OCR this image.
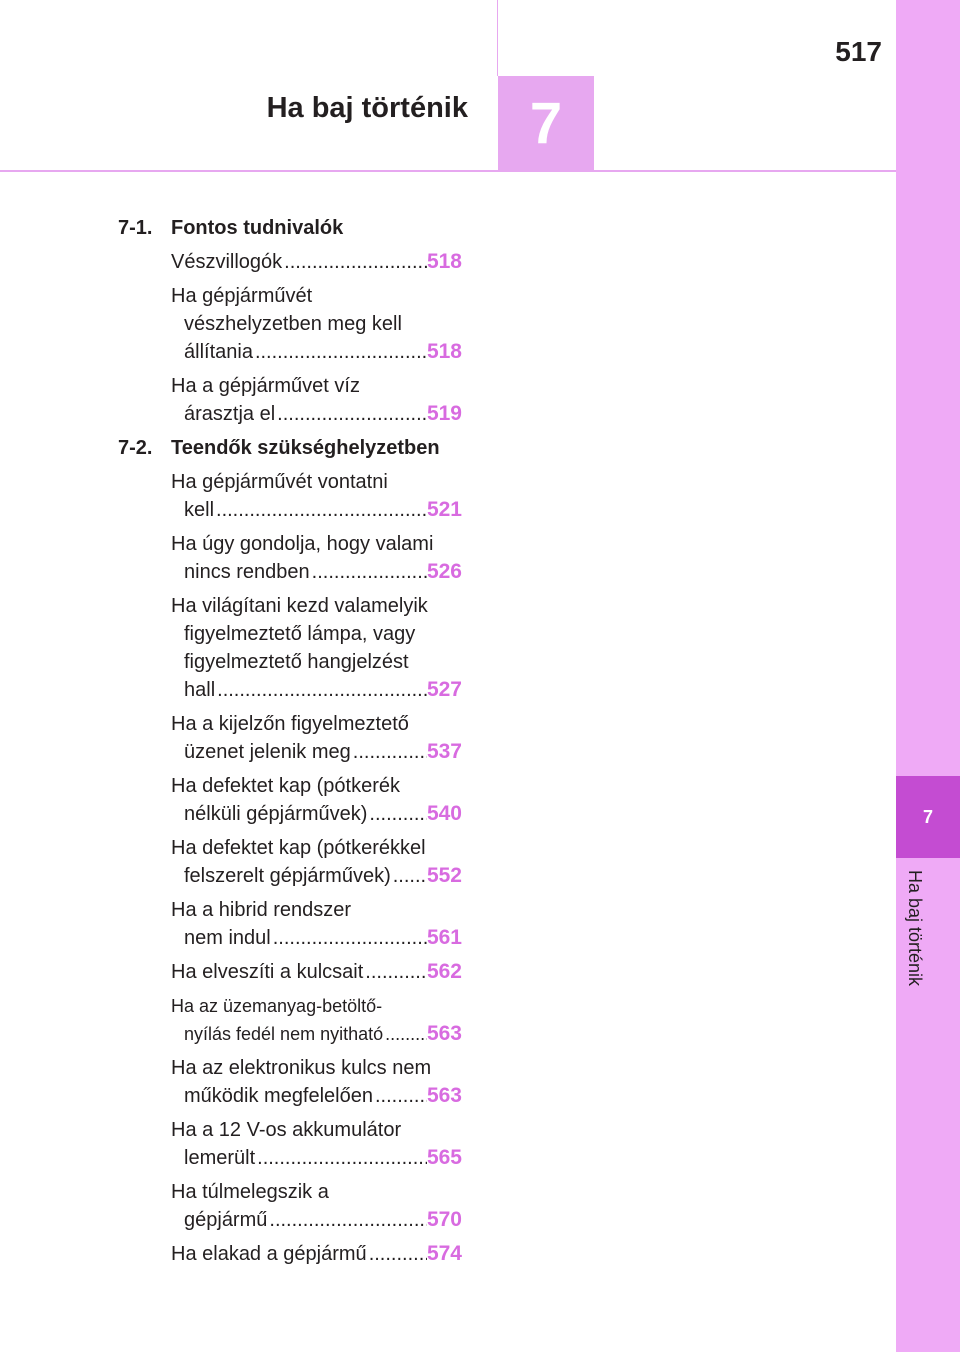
Ha baj történik 7
517
7
Ha baj történik
7-1. Fontos tudnivalók
Vészvillogók .....	518
Ha gépjárművét
vészhelyzetben meg kell
állítania .....	518
Ha a gépjárművet víz
árasztja el .....	519
7-2. Teendők szükséghelyzetben
Ha gépjárművét vontatni
kell .....	521
Ha úgy gondolja, hogy valami
nincs rendben .....	526
Ha világítani kezd valamelyik
figyelmeztető lámpa, vagy
figyelmeztető hangjelzést
hall .....	527
Ha a kijelzőn figyelmeztető
üzenet jelenik meg .....	537
Ha defektet kap (pótkerék
nélküli gépjárművek) .....	540
Ha defektet kap (pótkerékkel
felszerelt gépjárművek) ..... 552
Ha a hibrid rendszer
nem indul .....	561
Ha elveszíti a kulcsait .....	562
Ha az üzemanyag-betöltő-
nyílás fedél nem nyitható ..... 563
Ha az elektronikus kulcs nem
működik megfelelően .....	563
Ha a 12 V-os akkumulátor
lemerült .....	565
Ha túlmelegszik a
gépjármű .....	570
Ha elakad a gépjármű .....	574
